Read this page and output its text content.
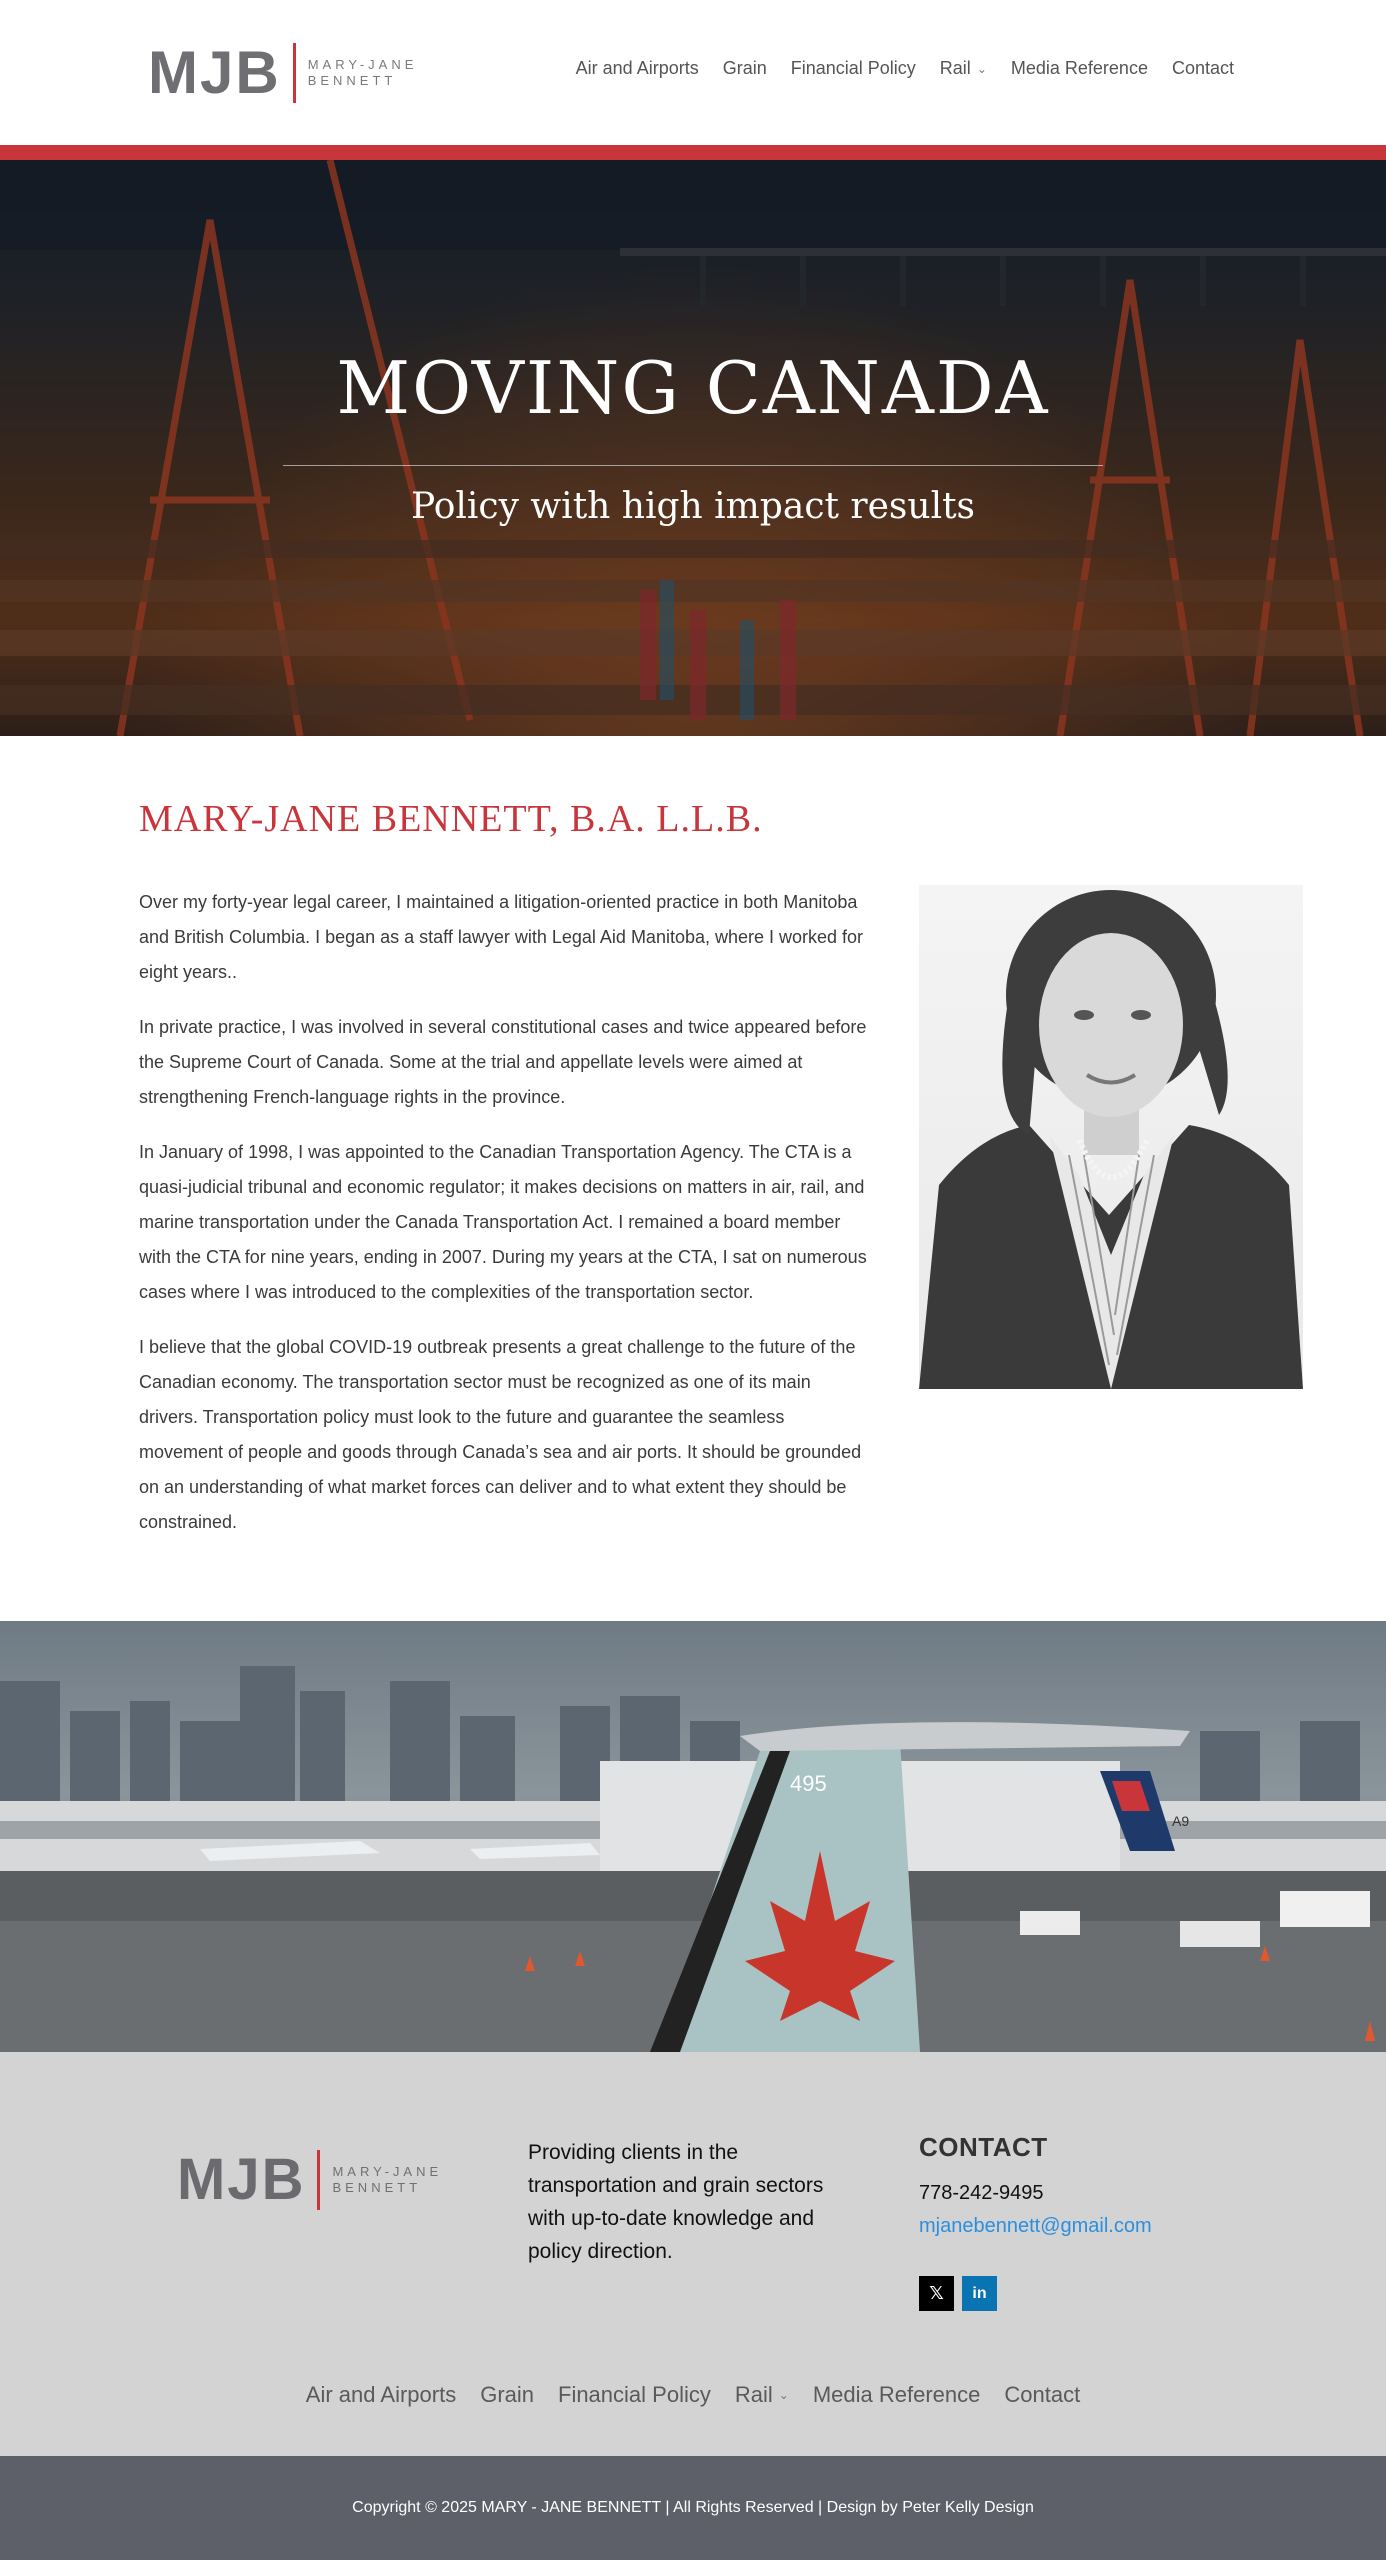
MJB MARY-JANE
BENNETT
Air and Airports Grain Financial Policy Rail ⌄ Media Reference Contact
MOVING CANADA
Policy with high impact results
MARY-JANE BENNETT, B.A. L.L.B.

Over my forty-year legal career, I maintained a litigation-oriented practice in both Manitoba and British Columbia. I began as a staff lawyer with Legal Aid Manitoba, where I worked for eight years..

In private practice, I was involved in several constitutional cases and twice appeared before the Supreme Court of Canada. Some at the trial and appellate levels were aimed at strengthening French-language rights in the province.

In January of 1998, I was appointed to the Canadian Transportation Agency. The CTA is a quasi-judicial tribunal and economic regulator; it makes decisions on matters in air, rail, and marine transportation under the Canada Transportation Act. I remained a board member with the CTA for nine years, ending in 2007. During my years at the CTA, I sat on numerous cases where I was introduced to the complexities of the transportation sector.

I believe that the global COVID-19 outbreak presents a great challenge to the future of the Canadian economy. The transportation sector must be recognized as one of its main drivers. Transportation policy must look to the future and guarantee the seamless movement of people and goods through Canada’s sea and air ports. It should be grounded on an understanding of what market forces can deliver and to what extent they should be constrained.

495
A9
MJB MARY-JANE
BENNETT
Providing clients in the transportation and grain sectors with up-to-date knowledge and policy direction.
CONTACT
778-242-9495
mjanebennett@gmail.com
𝕏 in
Air and Airports Grain Financial Policy Rail ⌄ Media Reference Contact
Copyright © 2025 MARY - JANE BENNETT | All Rights Reserved | Design by Peter Kelly Design
